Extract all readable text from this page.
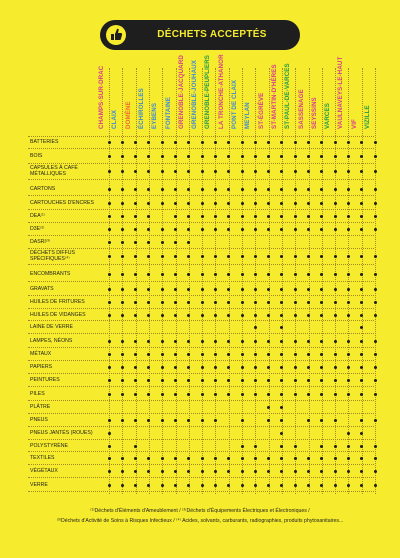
DÉCHETS ACCEPTÉS
CHAMPS-SUR-DRAC CLAIX DOMÈNE ÉCHIROLLES EYBENS FONTAINE GRENOBLE-JACQUARD GRENOBLE-JOUHAUX GRENOBLE-PEUPLIERS LA TRONCHE-ATHANOR PONT DE CLAIX MEYLAN ST-ÉGRÈVE ST-MARTIN-D'HÈRES ST-PAUL-DE-VARCES SASSENAGE SEYSSINS VARCES VAULNAVEYS-LE-HAUT VIF VIZILLE
BATTERIES
BOIS
CAPSULES À CAFÉ MÉTALLIQUES
CARTONS
CARTOUCHES D'ENCRES
DEA⁽¹⁾
D3E⁽²⁾
DASRI⁽³⁾
DÉCHETS DIFFUS SPÉCIFIQUES⁽⁴⁾
ENCOMBRANTS
GRAVATS
HUILES DE FRITURES
HUILES DE VIDANGES
LAINE DE VERRE
LAMPES, NÉONS
MÉTAUX
PAPIERS
PEINTURES
PILES
PLÂTRE
PNEUS
PNEUS JANTÉS (ROUES)
POLYSTYRÈNE
TEXTILES
VÉGÉTAUX
VERRE
⁽¹⁾Déchets d'Éléments d'Ameublement / ⁽²⁾Déchets d'Équipements Électriques et Électroniques /
⁽³⁾Déchets d'Activité de Soins à Risques Infectieux / ⁽⁴⁾ Acides, solvants, carburants, radiographies, produits phytosanitaires...
